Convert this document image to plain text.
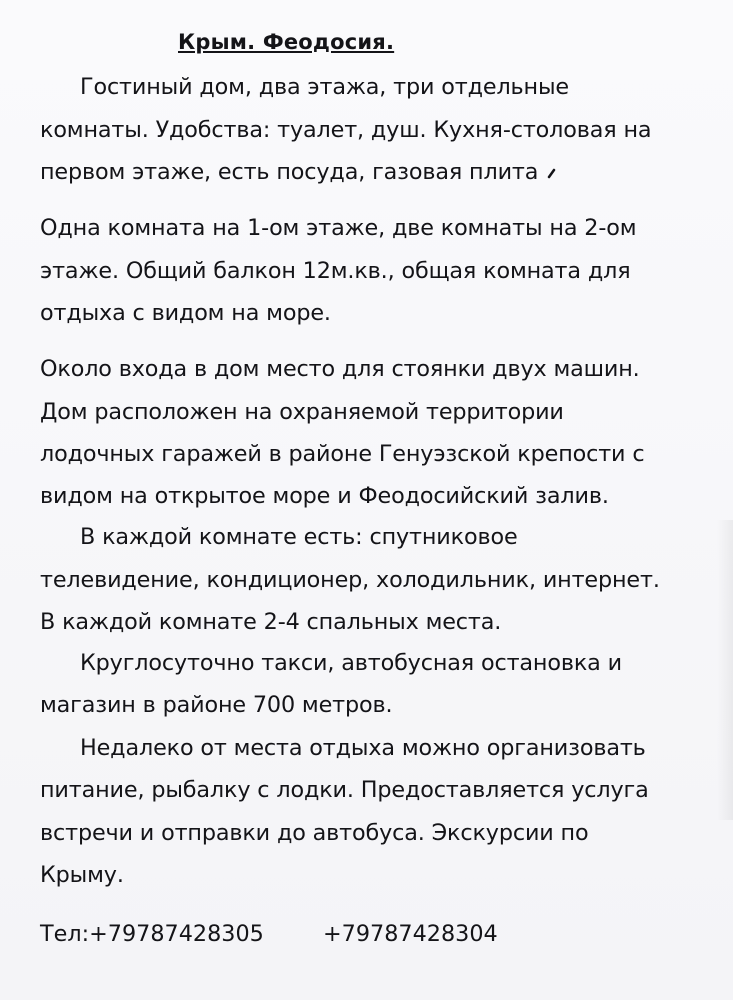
Крым. Феодосия.
Гостиный дом, два этажа, три отдельные
комнаты. Удобства: туалет, душ. Кухня-столовая на
первом этаже, есть посуда, газовая плита
Одна комната на 1-ом этаже, две комнаты на 2-ом
этаже. Общий балкон 12м.кв., общая комната для
отдыха с видом на море.
Около входа в дом место для стоянки двух машин.
Дом расположен на охраняемой территории
лодочных гаражей в районе Генуэзской крепости с
видом на открытое море и Феодосийский залив.
В каждой комнате есть: спутниковое
телевидение, кондиционер, холодильник, интернет.
В каждой комнате 2-4 спальных места.
Круглосуточно такси, автобусная остановка и
магазин в районе 700 метров.
Недалеко от места отдыха можно организовать
питание, рыбалку с лодки. Предоставляется услуга
встречи и отправки до автобуса. Экскурсии по
Крыму.
Тел:+79787428305	+79787428304
